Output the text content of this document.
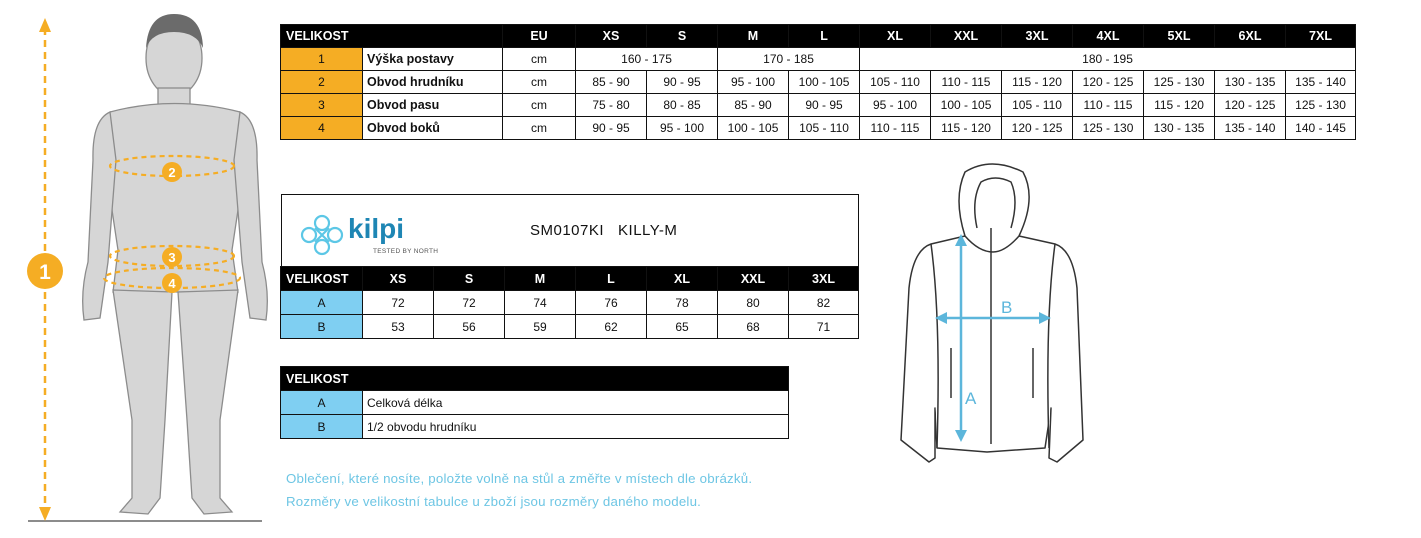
1
2
3
4
VELIKOST		EU	XS	S	M	L	XL	XXL	3XL	4XL	5XL	6XL	7XL
1	Výška postavy	cm	160 - 175		170 - 185		180 - 195						
2	Obvod hrudníku	cm	85 - 90	90 - 95	95 - 100	100 - 105	105 - 110	110 - 115	115 - 120	120 - 125	125 - 130	130 - 135	135 - 140
3	Obvod pasu	cm	75 - 80	80 - 85	85 - 90	90 - 95	95 - 100	100 - 105	105 - 110	110 - 115	115 - 120	120 - 125	125 - 130
4	Obvod boků	cm	90 - 95	95 - 100	100 - 105	105 - 110	110 - 115	115 - 120	120 - 125	125 - 130	130 - 135	135 - 140	140 - 145
kilpi
TESTED BY NORTH
SM0107KI   KILLY-M
VELIKOST	XS	S	M	L	XL	XXL	3XL
A	72	72	74	76	78	80	82
B	53	56	59	62	65	68	71
VELIKOST	
A	Celková délka
B	1/2 obvodu hrudníku
Oblečení, které nosíte, položte volně na stůl a změřte v místech dle obrázků.
Rozměry ve velikostní tabulce u zboží jsou rozměry daného modelu.
A
B
